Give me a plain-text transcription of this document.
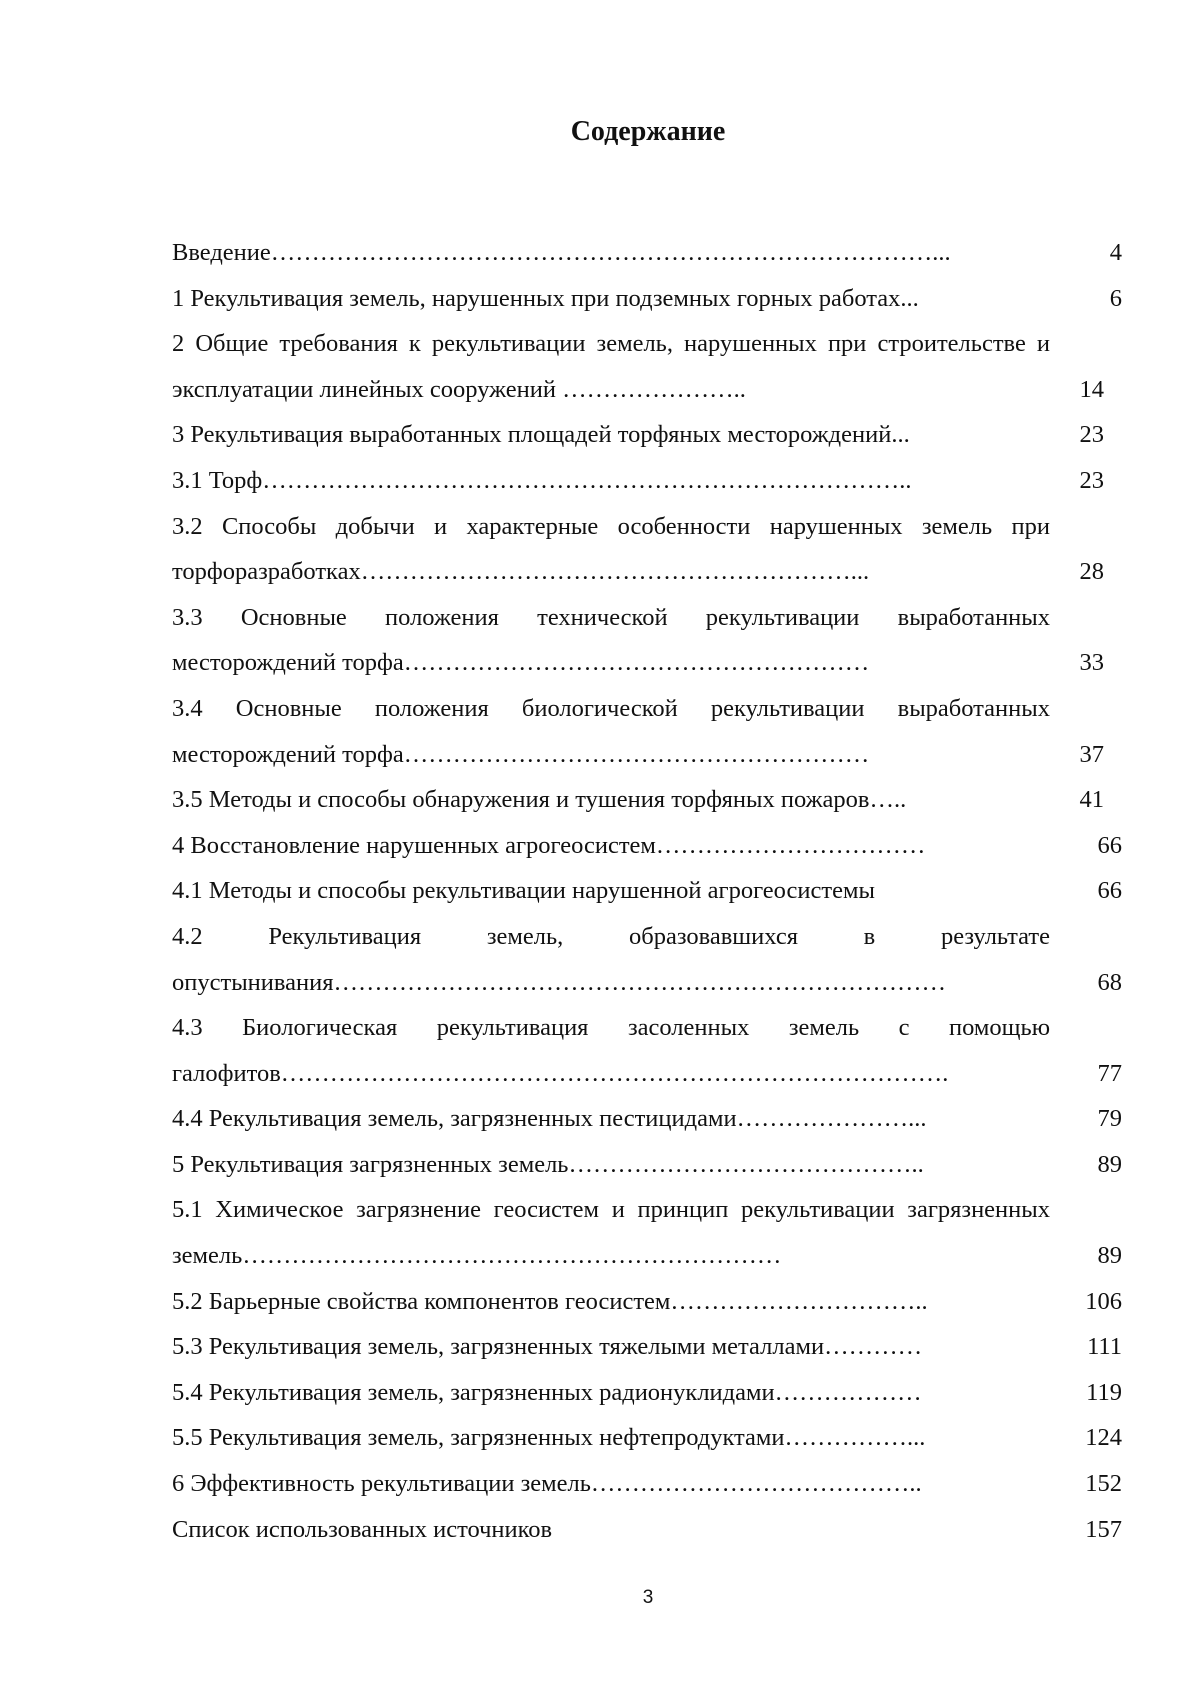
Содержание
Введение………………………………………………………………………...	4
1 Рекультивация земель, нарушенных при подземных горных работах...	6
2 Общие требования к рекультивации земель, нарушенных при строительстве и эксплуатации линейных сооружений …………………..	14
3 Рекультивация выработанных площадей торфяных месторождений...	23
3.1 Торф……………………………………………………………………..	23
3.2 Способы добычи и характерные особенности нарушенных земель при торфоразработках……………………………………………………...	28
3.3 Основные положения технической рекультивации выработанных месторождений торфа…………………………………………………	33
3.4 Основные положения биологической рекультивации выработанных месторождений торфа…………………………………………………	37
3.5 Методы и способы обнаружения и тушения торфяных пожаров…..	41
4 Восстановление нарушенных агрогеосистем……………………………	66
4.1 Методы и способы рекультивации нарушенной агрогеосистемы	66
4.2 Рекультивация земель, образовавшихся в результате опустынивания…………………………………………………………………	68
4.3 Биологическая рекультивация засоленных земель с помощью галофитов……………………………………………………………………….	77
4.4 Рекультивация земель, загрязненных пестицидами…………………...	79
5 Рекультивация загрязненных земель……………………………………..	89
5.1 Химическое загрязнение геосистем и принцип рекультивации загрязненных земель…………………………………………………………	89
5.2 Барьерные свойства компонентов геосистем…………………………..	106
5.3 Рекультивация земель, загрязненных тяжелыми металлами…………	111
5.4 Рекультивация земель, загрязненных радионуклидами………………	119
5.5 Рекультивация земель, загрязненных нефтепродуктами……………...	124
6 Эффективность рекультивации земель…………………………………..	152
Список использованных источников	157
3
